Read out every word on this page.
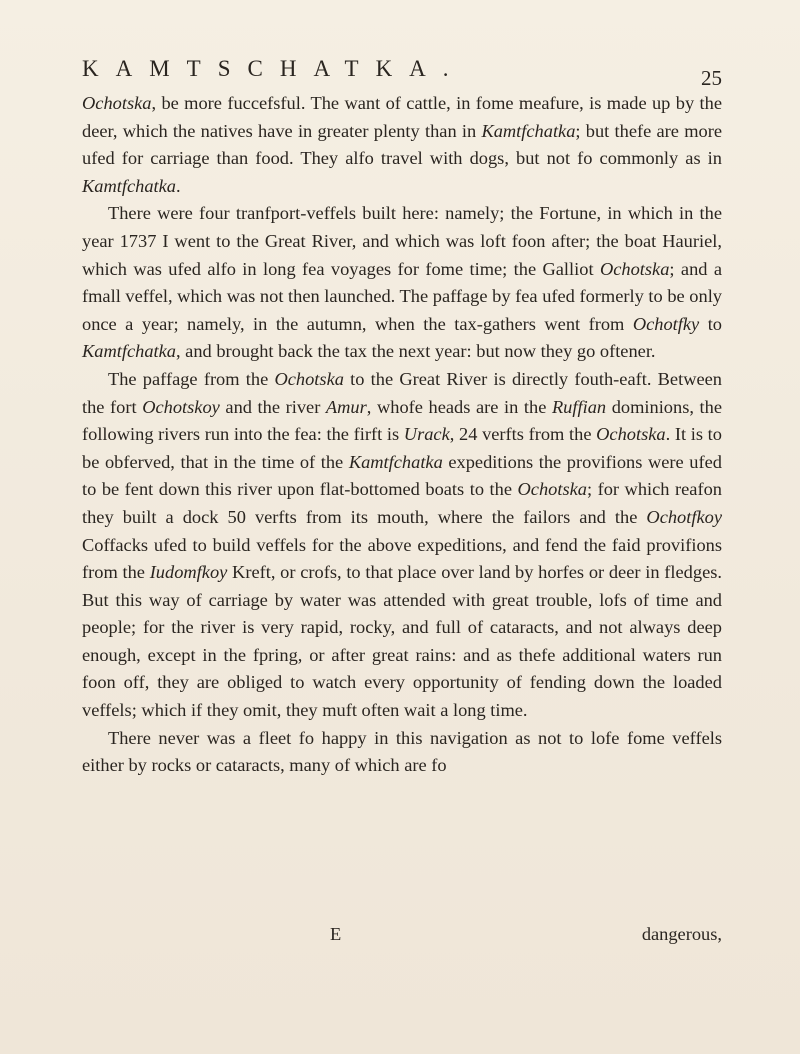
KAMTSCHATKA.	25

Ochotska, be more fuccefsful. The want of cattle, in fome meafure, is made up by the deer, which the natives have in greater plenty than in Kamtfchatka; but thefe are more ufed for carriage than food. They alfo travel with dogs, but not fo commonly as in Kamtfchatka.

There were four tranfport-veffels built here: namely; the Fortune, in which in the year 1737 I went to the Great River, and which was loft foon after; the boat Hauriel, which was ufed alfo in long fea voyages for fome time; the Galliot Ochotska; and a fmall veffel, which was not then launched. The paffage by fea ufed formerly to be only once a year; namely, in the autumn, when the tax-gathers went from Ochotfky to Kamtfchatka, and brought back the tax the next year: but now they go oftener.

The paffage from the Ochotska to the Great River is directly fouth-eaft. Between the fort Ochotskoy and the river Amur, whofe heads are in the Ruffian dominions, the following rivers run into the fea: the firft is Urack, 24 verfts from the Ochotska. It is to be obferved, that in the time of the Kamtfchatka expeditions the provifions were ufed to be fent down this river upon flat-bottomed boats to the Ochotska; for which reafon they built a dock 50 verfts from its mouth, where the failors and the Ochotfkoy Coffacks ufed to build veffels for the above expeditions, and fend the faid provifions from the Iudomfkoy Kreft, or crofs, to that place over land by horfes or deer in fledges. But this way of carriage by water was attended with great trouble, lofs of time and people; for the river is very rapid, rocky, and full of cataracts, and not always deep enough, except in the fpring, or after great rains: and as thefe additional waters run foon off, they are obliged to watch every opportunity of fending down the loaded veffels; which if they omit, they muft often wait a long time.

There never was a fleet fo happy in this navigation as not to lofe fome veffels either by rocks or cataracts, many of which are fo

E	dangerous,
